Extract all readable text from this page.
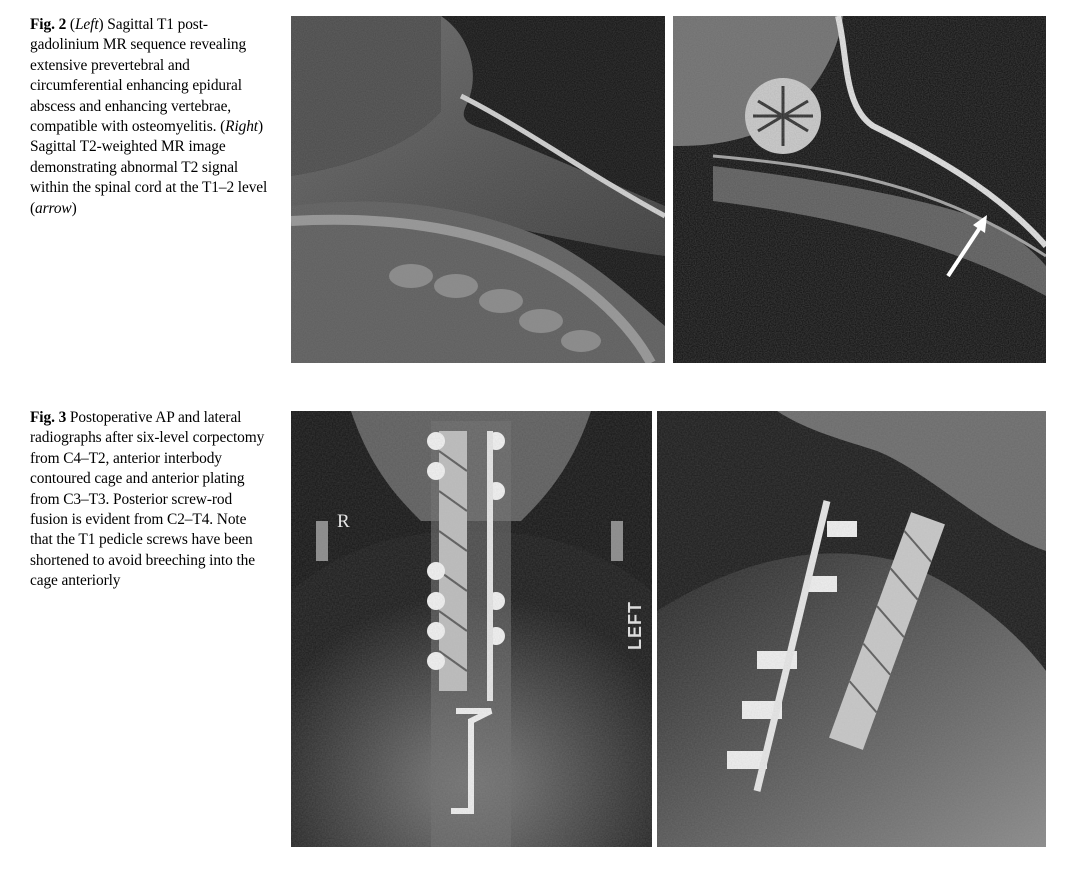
Fig. 2 (Left) Sagittal T1 post-gadolinium MR sequence revealing extensive prevertebral and circumferential enhancing epidural abscess and enhancing vertebrae, compatible with osteomyelitis. (Right) Sagittal T2-weighted MR image demonstrating abnormal T2 signal within the spinal cord at the T1–2 level (arrow)
Fig. 3 Postoperative AP and lateral radiographs after six-level corpectomy from C4–T2, anterior interbody contoured cage and anterior plating from C3–T3. Posterior screw-rod fusion is evident from C2–T4. Note that the T1 pedicle screws have been shortened to avoid breeching into the cage anteriorly
R
LEFT
